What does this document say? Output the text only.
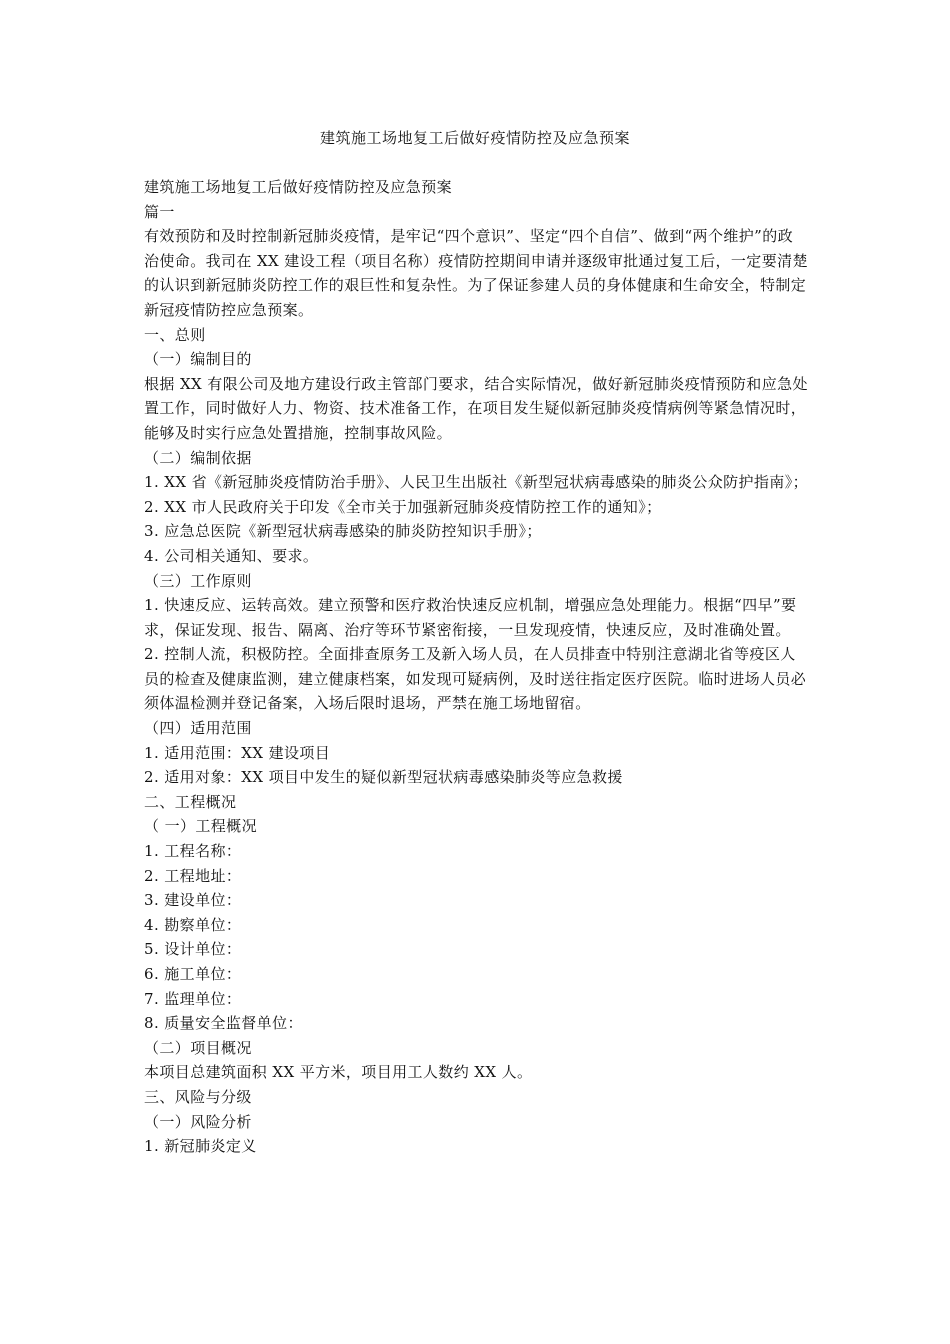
建筑施工场地复工后做好疫情防控及应急预案

建筑施工场地复工后做好疫情防控及应急预案

篇一

有效预防和及时控制新冠肺炎疫情，是牢记“四个意识”、坚定“四个自信”、做到“两个维护”的政治使命。我司在 XX 建设工程（项目名称）疫情防控期间申请并逐级审批通过复工后，一定要清楚的认识到新冠肺炎防控工作的艰巨性和复杂性。为了保证参建人员的身体健康和生命安全，特制定新冠疫情防控应急预案。

一、总则

（一）编制目的

根据 XX 有限公司及地方建设行政主管部门要求，结合实际情况，做好新冠肺炎疫情预防和应急处置工作，同时做好人力、物资、技术准备工作，在项目发生疑似新冠肺炎疫情病例等紧急情况时，能够及时实行应急处置措施，控制事故风险。

（二）编制依据

1. XX 省《新冠肺炎疫情防治手册》、人民卫生出版社《新型冠状病毒感染的肺炎公众防护指南》；

2. XX 市人民政府关于印发《全市关于加强新冠肺炎疫情防控工作的通知》；

3. 应急总医院《新型冠状病毒感染的肺炎防控知识手册》；

4. 公司相关通知、要求。

（三）工作原则

1. 快速反应、运转高效。建立预警和医疗救治快速反应机制，增强应急处理能力。根据“四早”要求，保证发现、报告、隔离、治疗等环节紧密衔接，一旦发现疫情，快速反应，及时准确处置。

2. 控制人流，积极防控。全面排查原务工及新入场人员，在人员排查中特别注意湖北省等疫区人员的检查及健康监测，建立健康档案，如发现可疑病例，及时送往指定医疗医院。临时进场人员必须体温检测并登记备案，入场后限时退场，严禁在施工场地留宿。

（四）适用范围

1. 适用范围：XX 建设项目

2. 适用对象：XX 项目中发生的疑似新型冠状病毒感染肺炎等应急救援

二、工程概况

（ 一）工程概况

1. 工程名称：

2. 工程地址：

3. 建设单位：

4. 勘察单位：

5. 设计单位：

6. 施工单位：

7. 监理单位：

8. 质量安全监督单位：

（二）项目概况

本项目总建筑面积 XX 平方米，项目用工人数约 XX 人。

三、风险与分级

（一）风险分析

1. 新冠肺炎定义
